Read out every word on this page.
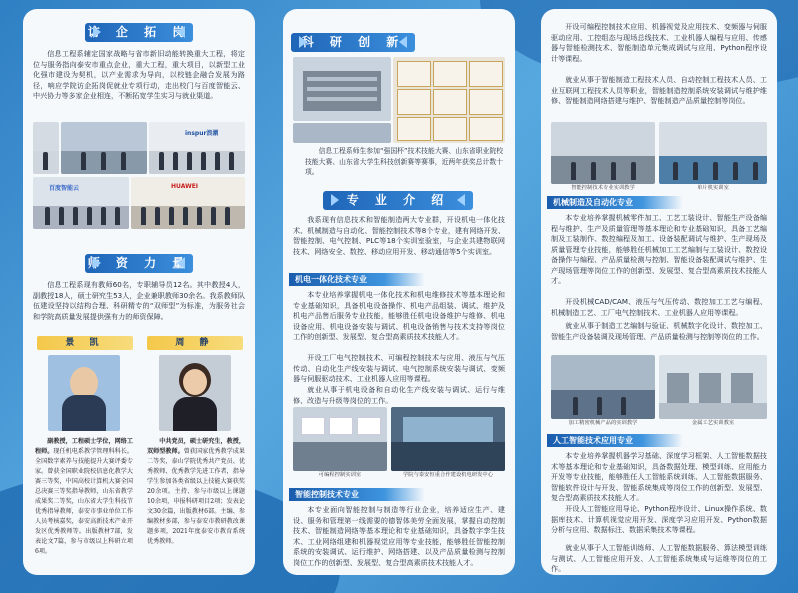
访 企 拓 岗

信息工程系辅定国家战略与省市新旧动能转换重大工程，将定位与服务指向泰安市重点企业，重大工程，重大项目，以新型工业化强市建设为契机，以产业需求为导向，以校链企融合发展为路径，响应学院访企拓岗促就业专项行动，走出校门与百度智能云、中兴协力等多家企业相连，不断拓宽学生实习与就业渠道。

inspur浪潮
百度智能云	HUAWEI
师 资 力 量

信息工程系现有教师60名，专职辅导员12名。其中教授4人，副教授18人，硕士研究生53人，企业兼职教师30余名。我系教师队伍建设坚持以结构合理、科研精专的“双师型”为标准，为服务社会和学院高质量发展提供强有力的师资保障。

景 凯	周 静

副教授，工程硕士学位，网络工程师。现任机电系教学管理科科长。全国数字素养与技能提升大赛评委专家。曾获全国职业院校信息化教学大赛三等奖，中国高校计算机大赛全国总决赛三等奖指导教师，山东省教学成果奖二等奖，山东省大学生科技节优秀指导教师，泰安市事业单位工作人员考核嘉奖，泰安高新技术产业开发区优秀教师等。出版教材7部，发表论文7篇，参与市级以上科研立项6项。

中共党员，硕士研究生，教授，双师型教师。曾获国家优秀教学成果二等奖，泰山学院优秀共产党员、优秀教师、优秀教学先进工作者，指导学生参加各类省级以上技能大赛获奖20余项。主持、参与市级以上课题10余项，申报科研项目2项；发表论文30余篇，出版教材6部。主编、参编教材多部，参与泰安市教研教改课题多项，2021年度泰安市教育系统优秀教师。

科 研 创 新

信息工程系师生参加“强国杯”技术技能大赛、山东省职业院校技能大赛、山东省大学生科技创新赛等赛事，近两年获奖总计数十项。

专 业 介 绍

我系现有信息技术和智能制造两大专业群，开设机电一体化技术、机械制造与自动化、智能控制技术等8个专业，建有网络开发、智能控制、电气控制、PLC等18个实训室验室，与企业共建物联网技术、网络安全、数控、移动应用开发、移动通信等5个实训室。

机电一体化技术专业

本专业培养掌握机电一体化技术和机电维修技术等基本理论和专业基础知识，具备机电设备操作、机电产品组装、调试、维护及机电产品售后服务专业技能，能够胜任机电设备维护与维修、机电设备应用、机电设备安装与调试、机电设备销售与技术支持等岗位工作的创新型、发展型、复合型高素质技术技能人才。

开设工厂电气控制技术、可编程控制技术与应用、液压与气压传动、自动化生产线安装与调试、电气控制系统安装与调试、变频器与伺服驱动技术、工业机器人应用等课程。

就业从事于机电设备和自动化生产线安装与调试、运行与维修、改造与升级等岗位的工作。

可编程控制实训室	学院与泰安恒重合作建设机电研发中心
智能控制技术专业

本专业面向智能控制与制造等行业企业，培养适应生产、建设、服务和管理第一线需要的德智体美劳全面发展，掌握自动控制技术、智能制造网络等基本理论和专业基础知识，具备数字孪生技术、工业网络组建和机器视觉应用等专业技能，能够胜任智能控制系统的安装调试、运行维护、网络搭建、以及产品质量检测与控制岗位工作的创新型、发展型、复合型高素质技术技能人才。

开设可编程控制技术应用、机器视觉及应用技术、变频器与伺服驱动应用、工控组态与现场总线技术、工业机器人编程与应用、传感器与智能检测技术、智能制造单元集成调试与应用、Python程序设计等课程。

就业从事于智能制造工程技术人员、自动控制工程技术人员、工业互联网工程技术人员等职业，智能制造控制系统安装调试与维护维修、智能制造网络搭建与维护、智能制造产品质量控制等岗位。

智能控制技术专业实训教学	单片机实训室
机械制造及自动化专业

本专业培养掌握机械零件加工、工艺工装设计、智能生产设备编程与维护、生产及质量管理等基本理论和专业基础知识，具备工艺编制及工装制作、数控编程及加工、设备装配调试与维护、生产现场及质量管理专业技能，能够胜任机械加工工艺编制与工装设计、数控设备操作与编程、产品质量检测与控制、智能设备装配调试与维护、生产现场管理等岗位工作的创新型、发展型、复合型高素质技术技能人才。

开设机械CAD/CAM、液压与气压传动、数控加工工艺与编程、机械制造工艺、工厂电气控制技术、工业机器人应用等课程。

就业从事于制造工艺编制与验证、机械数字化设计、数控加工、智能生产设备装调及现场管理、产品质量检测与控制等岗位的工作。

加工精密机械产品的实训教学	金属工艺实训教室
人工智能技术应用专业

本专业培养掌握机器学习基础、深度学习框架、人工智能数据技术等基本理论和专业基础知识，具备数据处理、模型训练、应用能力开发等专业技能，能够胜任人工智能系统训练、人工智能数据服务、智能软件设计与开发、智能系统集成等岗位工作的创新型、发展型、复合型高素质技术技能人才。

开设人工智能应用导论、Python程序设计、Linux操作系统、数据库技术、计算机视觉应用开发、深度学习应用开发、Python数据分析与应用、数据标注、数据采集技术等课程。

就业从事于人工智能训练师、人工智能数据服务、算法模型训练与测试、人工智能应用开发、人工智能系统集成与运维等岗位的工作。
